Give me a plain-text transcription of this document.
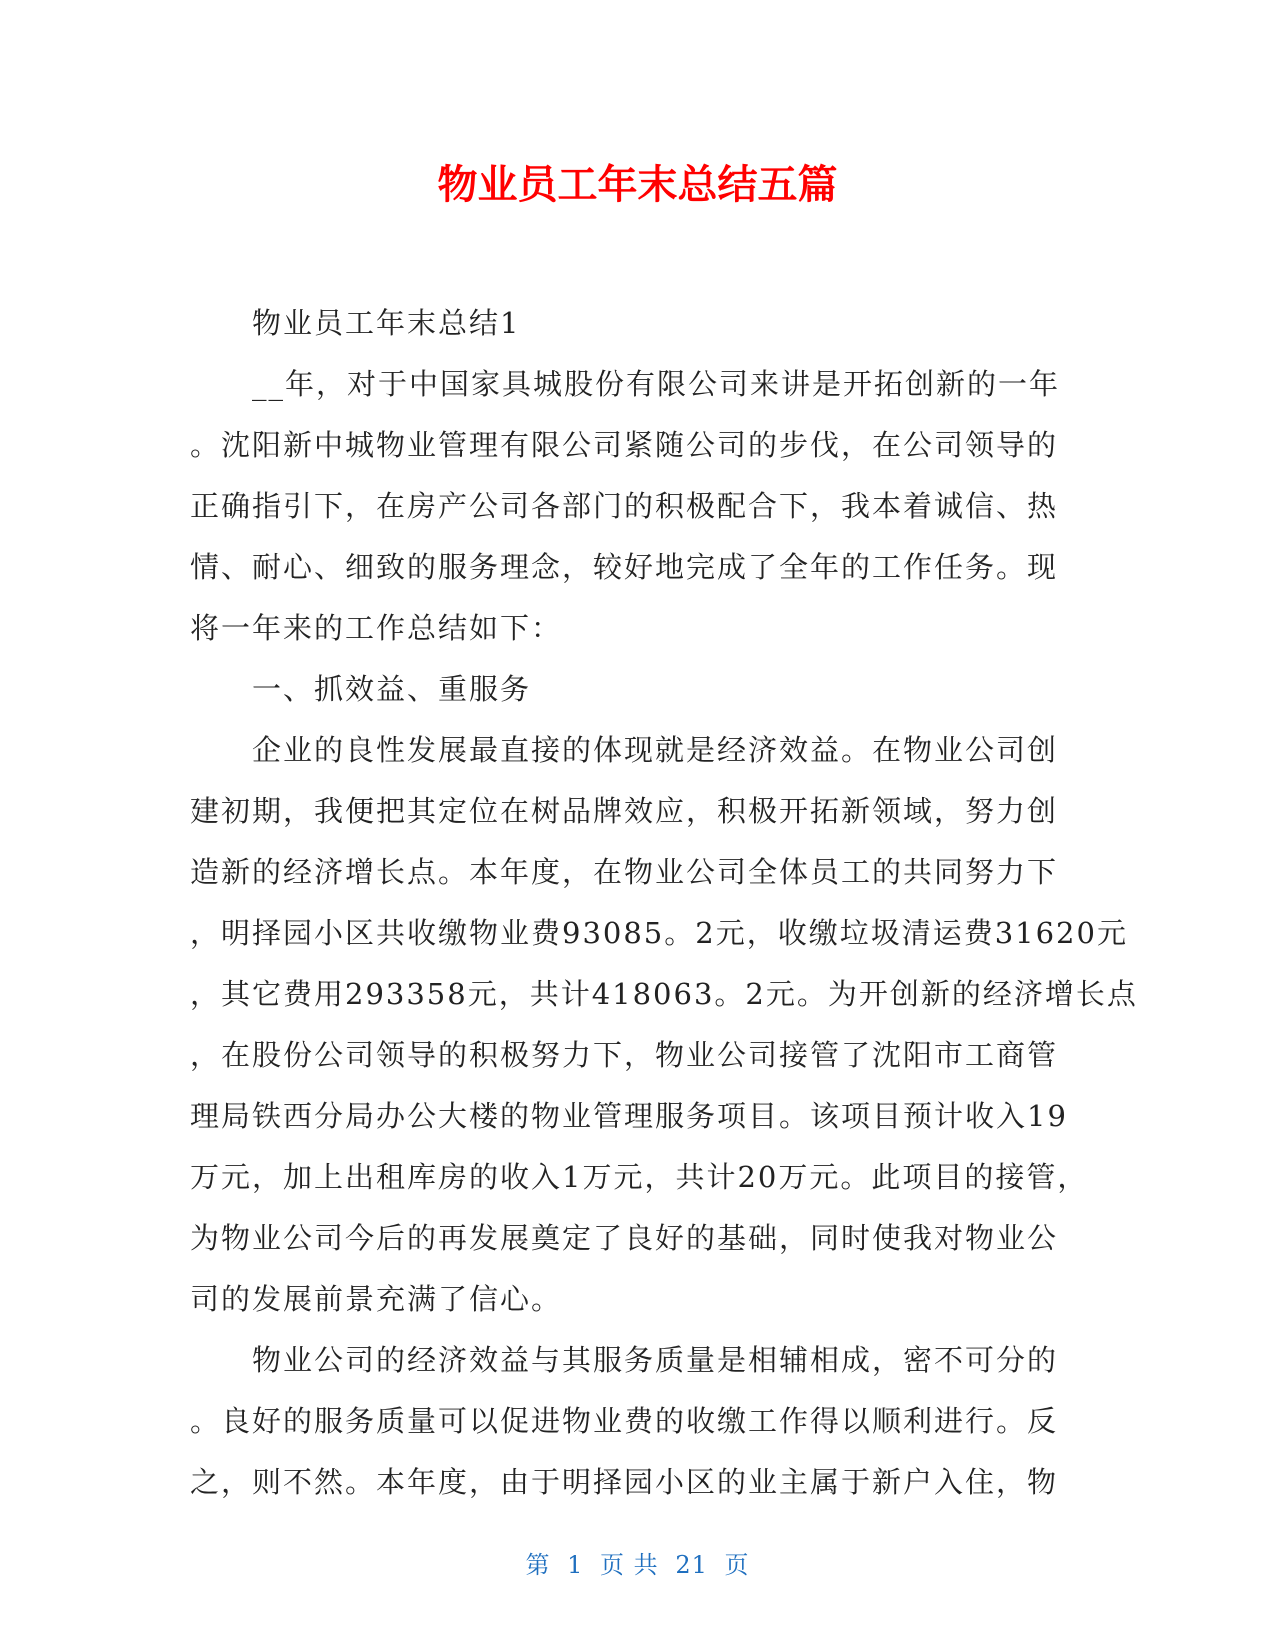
物业员工年末总结五篇

物业员工年末总结1

__年，对于中国家具城股份有限公司来讲是开拓创新的一年

。沈阳新中城物业管理有限公司紧随公司的步伐，在公司领导的

正确指引下，在房产公司各部门的积极配合下，我本着诚信、热

情、耐心、细致的服务理念，较好地完成了全年的工作任务。现

将一年来的工作总结如下：

一、抓效益、重服务

企业的良性发展最直接的体现就是经济效益。在物业公司创

建初期，我便把其定位在树品牌效应，积极开拓新领域，努力创

造新的经济增长点。本年度，在物业公司全体员工的共同努力下

，明择园小区共收缴物业费93085。2元，收缴垃圾清运费31620元

，其它费用293358元，共计418063。2元。为开创新的经济增长点

，在股份公司领导的积极努力下，物业公司接管了沈阳市工商管

理局铁西分局办公大楼的物业管理服务项目。该项目预计收入19

万元，加上出租库房的收入1万元，共计20万元。此项目的接管，

为物业公司今后的再发展奠定了良好的基础，同时使我对物业公

司的发展前景充满了信心。

物业公司的经济效益与其服务质量是相辅相成，密不可分的

。良好的服务质量可以促进物业费的收缴工作得以顺利进行。反

之，则不然。本年度，由于明择园小区的业主属于新户入住，物

第 1 页 共 21 页
